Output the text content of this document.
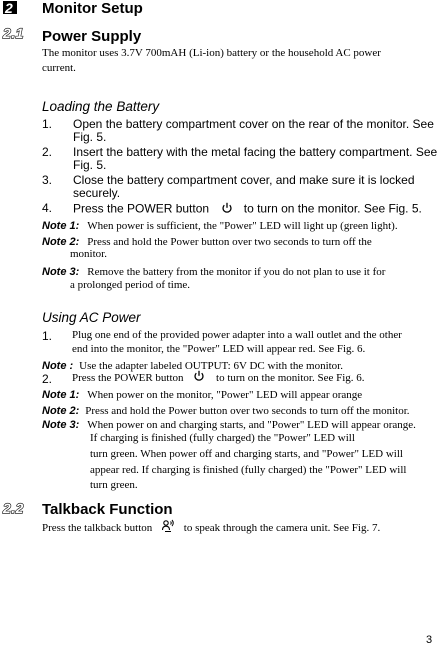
2 Monitor Setup
2.1 Power Supply
The monitor uses 3.7V 700mAH (Li-ion) battery or the household AC power
current.
Loading the Battery
1. Open the battery compartment cover on the rear of the monitor. See
Fig. 5.
2. Insert the battery with the metal facing the battery compartment. See
Fig. 5.
3. Close the battery compartment cover, and make sure it is locked
securely.
4. Press the POWER button	to turn on the monitor. See Fig. 5.
Note 1: When power is sufficient, the "Power" LED will light up (green light).
Note 2: Press and hold the Power button over two seconds to turn off the
monitor.
Note 3: Remove the battery from the monitor if you do not plan to use it for
a prolonged period of time.
Using AC Power
1. Plug one end of the provided power adapter into a wall outlet and the other
end into the monitor, the "Power" LED will appear red. See Fig. 6.
Note : Use the adapter labeled OUTPUT: 6V DC with the monitor.
2. Press the POWER button	to turn on the monitor. See Fig. 6.
Note 1: When power on the monitor, "Power" LED will appear orange
Note 2: Press and hold the Power button over two seconds to turn off the monitor.
Note 3: When power on and charging starts, and "Power" LED will appear orange.
If charging is finished (fully charged) the "Power" LED will
turn green. When power off and charging starts, and "Power" LED will
appear red. If charging is finished (fully charged) the "Power" LED will
turn green.
2.2 Talkback Function
Press the talkback button	to speak through the camera unit. See Fig. 7.
3
